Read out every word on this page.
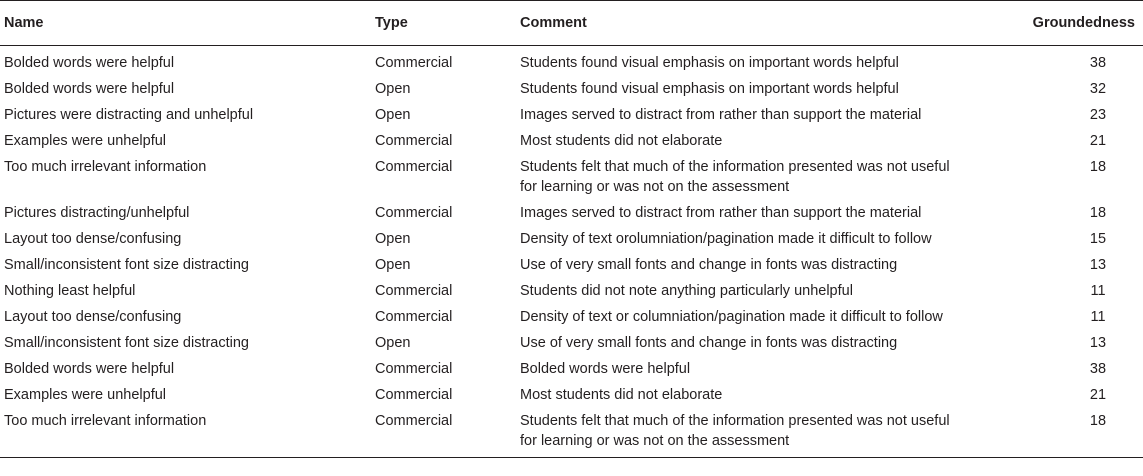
Name	Type	Comment	Groundedness
Bolded words were helpful	Commercial	Students found visual emphasis on important words helpful	38
Bolded words were helpful	Open	Students found visual emphasis on important words helpful	32
Pictures were distracting and unhelpful	Open	Images served to distract from rather than support the material	23
Examples were unhelpful	Commercial	Most students did not elaborate	21
Too much irrelevant information	Commercial	Students felt that much of the information presented was not useful for learning or was not on the assessment	18
Pictures distracting/unhelpful	Commercial	Images served to distract from rather than support the material	18
Layout too dense/confusing	Open	Density of text orolumniation/pagination made it difficult to follow	15
Small/inconsistent font size distracting	Open	Use of very small fonts and change in fonts was distracting	13
Nothing least helpful	Commercial	Students did not note anything particularly unhelpful	11
Layout too dense/confusing	Commercial	Density of text or columniation/pagination made it difficult to follow	11
Small/inconsistent font size distracting	Open	Use of very small fonts and change in fonts was distracting	13
Bolded words were helpful	Commercial	Bolded words were helpful	38
Examples were unhelpful	Commercial	Most students did not elaborate	21
Too much irrelevant information	Commercial	Students felt that much of the information presented was not useful for learning or was not on the assessment	18
